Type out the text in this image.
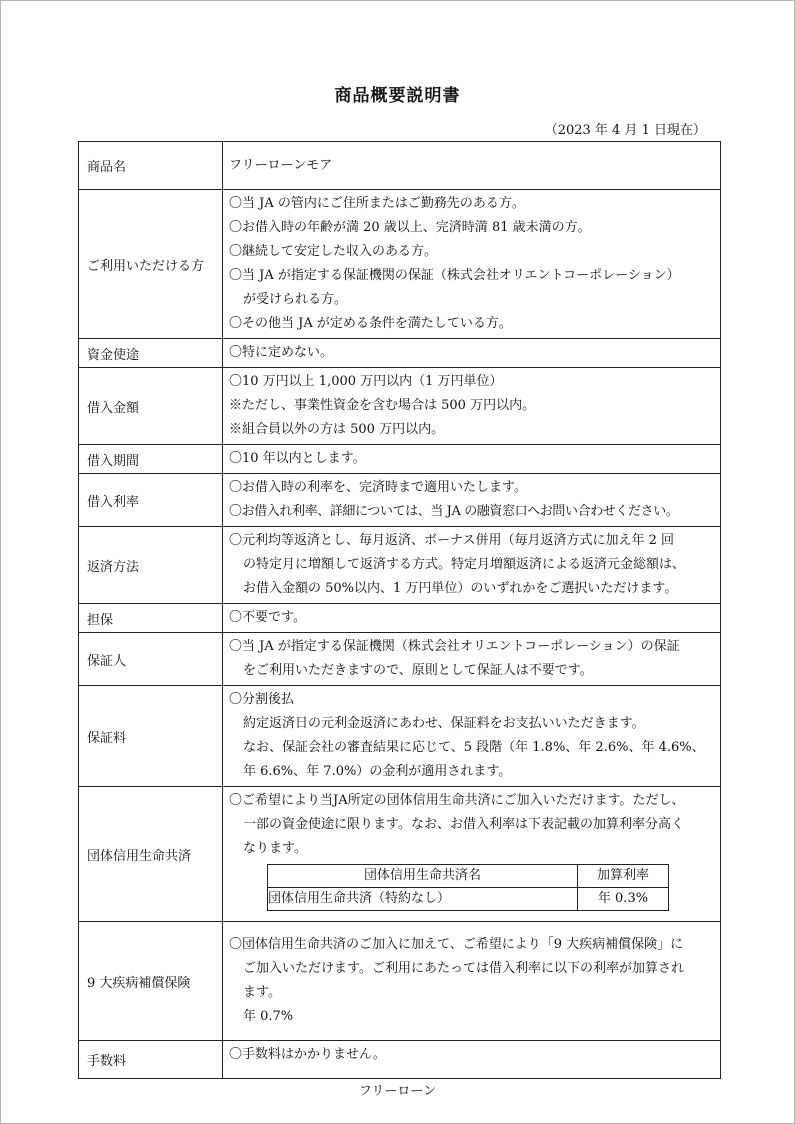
商品概要説明書
（2023 年 4 月 1 日現在）
商品名	フリーローンモア

ご利用いただける方	
〇当 JA の管内にご住所またはご勤務先のある方。
〇お借入時の年齢が満 20 歳以上、完済時満 81 歳未満の方。
〇継続して安定した収入のある方。
〇当 JA が指定する保証機関の保証（株式会社オリエントコーポレーション）
が受けられる方。
〇その他当 JA が定める条件を満たしている方。

資金使途	〇特に定めない。

借入金額	
〇10 万円以上 1,000 万円以内（1 万円単位）
※ただし、事業性資金を含む場合は 500 万円以内。
※組合員以外の方は 500 万円以内。

借入期間	〇10 年以内とします。

借入利率	
〇お借入時の利率を、完済時まで適用いたします。
〇お借入れ利率、詳細については、当 JA の融資窓口へお問い合わせください。

返済方法	
〇元利均等返済とし、毎月返済、ボーナス併用（毎月返済方式に加え年 2 回
の特定月に増額して返済する方式。特定月増額返済による返済元金総額は、
お借入金額の 50%以内、1 万円単位）のいずれかをご選択いただけます。

担保	〇不要です。

保証人	
〇当 JA が指定する保証機関（株式会社オリエントコーポレーション）の保証
をご利用いただきますので、原則として保証人は不要です。

保証料	
〇分割後払
約定返済日の元利金返済にあわせ、保証料をお支払いいただきます。
なお、保証会社の審査結果に応じて、5 段階（年 1.8%、年 2.6%、年 4.6%、
年 6.6%、年 7.0%）の金利が適用されます。

団体信用生命共済	
〇ご希望により当JA所定の団体信用生命共済にご加入いただけます。ただし、
一部の資金使途に限ります。なお、お借入利率は下表記載の加算利率分高く
なります。
団体信用生命共済名	加算利率
団体信用生命共済（特約なし）	年 0.3%

9 大疾病補償保険	
〇団体信用生命共済のご加入に加えて、ご希望により「9 大疾病補償保険」に
ご加入いただけます。ご利用にあたっては借入利率に以下の利率が加算され
ます。
年 0.7%

手数料	〇手数料はかかりません。
フリーローン
